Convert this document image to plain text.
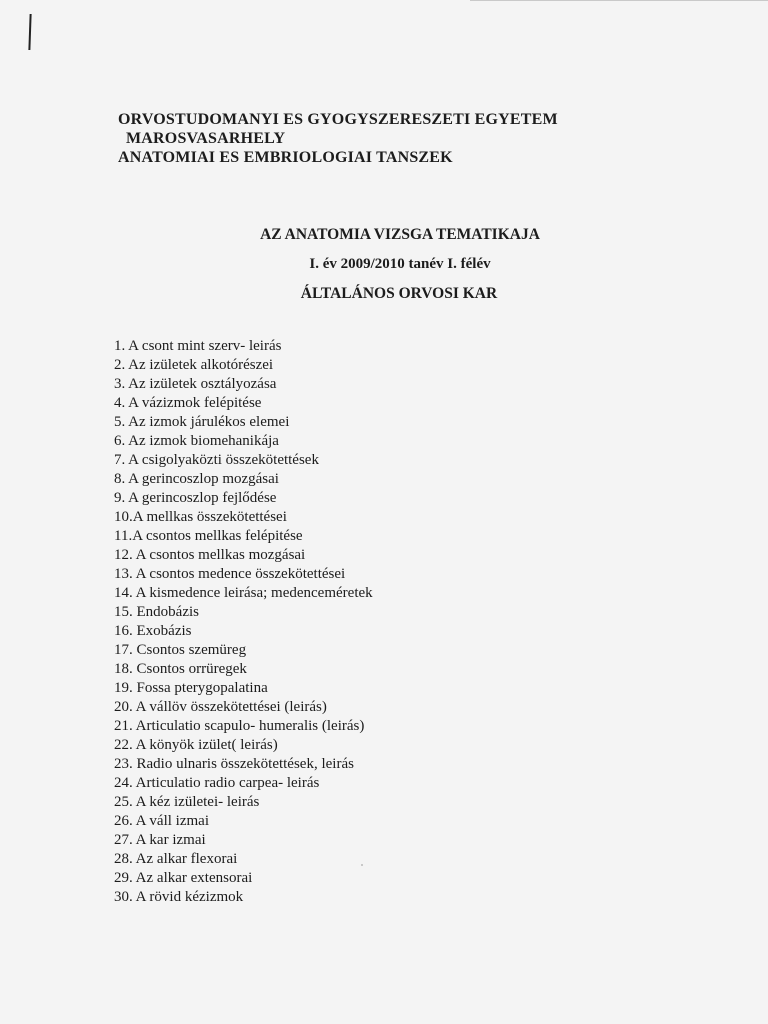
ORVOSTUDOMANYI ES GYOGYSZERESZETI EGYETEM
MAROSVASARHELY
ANATOMIAI ES EMBRIOLOGIAI TANSZEK
AZ ANATOMIA VIZSGA TEMATIKAJA
I. év 2009/2010 tanév I. félév
ÁLTALÁNOS ORVOSI KAR
1. A csont mint szerv- leirás
2. Az izületek alkotórészei
3. Az izületek osztályozása
4. A vázizmok felépitése
5. Az izmok járulékos elemei
6. Az izmok biomehanikája
7. A csigolyaközti összekötettések
8. A gerincoszlop mozgásai
9. A gerincoszlop fejlődése
10.A mellkas összekötettései
11.A csontos mellkas felépitése
12. A csontos mellkas mozgásai
13. A csontos medence összekötettései
14. A kismedence leirása; medenceméretek
15. Endobázis
16. Exobázis
17. Csontos szemüreg
18. Csontos orrüregek
19. Fossa pterygopalatina
20. A vállöv összekötettései (leirás)
21. Articulatio scapulo- humeralis (leirás)
22. A könyök izület( leirás)
23. Radio ulnaris összekötettések, leirás
24. Articulatio radio carpea- leirás
25. A kéz izületei- leirás
26. A váll izmai
27. A kar izmai
28. Az alkar flexorai
29. Az alkar extensorai
30. A rövid kézizmok
